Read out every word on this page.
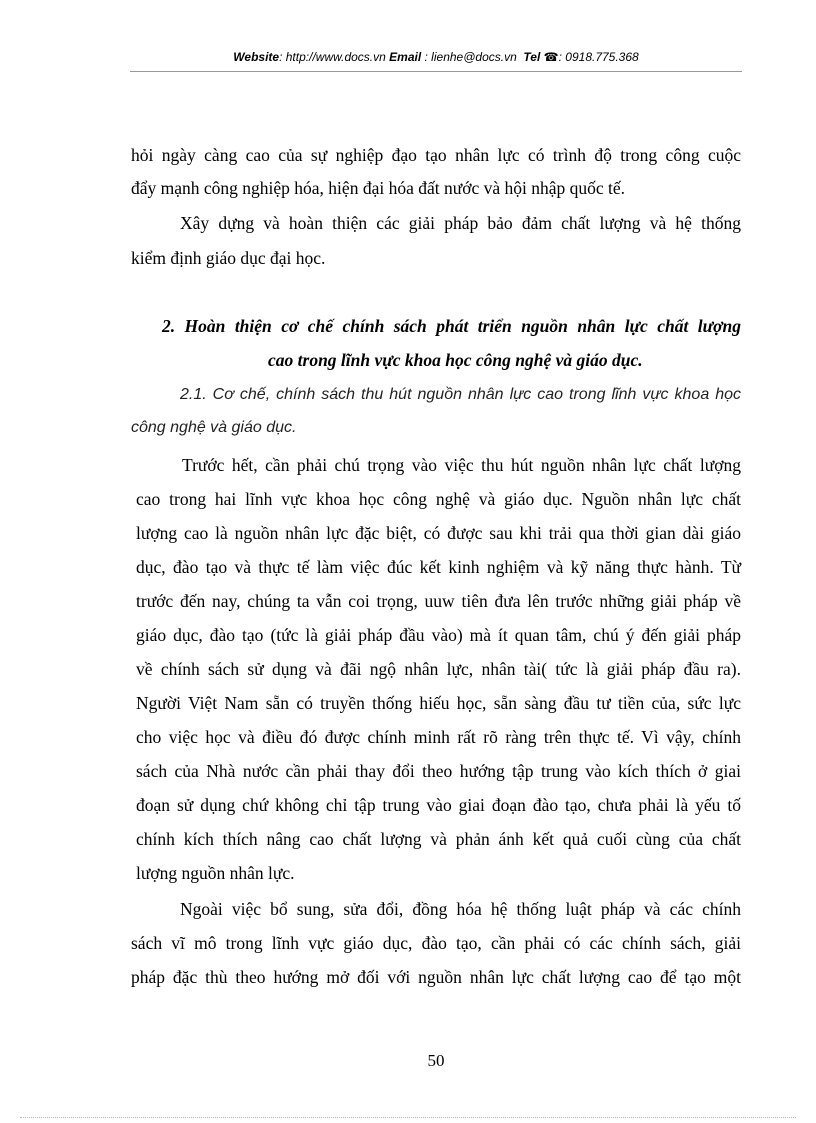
Website: http://www.docs.vn Email : lienhe@docs.vn Tel ☎: 0918.775.368
hỏi ngày càng cao của sự nghiệp đạo tạo nhân lực có trình độ trong công cuộc
đẩy mạnh công nghiệp hóa, hiện đại hóa đất nước và hội nhập quốc tế.
Xây dựng và hoàn thiện các giải pháp bảo đảm chất lượng và hệ thống
kiểm định giáo dục đại học.
2. Hoàn thiện cơ chế chính sách phát triển nguồn nhân lực chất lượng
cao trong lĩnh vực khoa học công nghệ và giáo dục.
2.1. Cơ chế, chính sách thu hút nguồn nhân lực cao trong lĩnh vực khoa học
công nghệ và giáo dục.
Trước hết, cần phải chú trọng vào việc thu hút nguồn nhân lực chất lượng
cao trong hai lĩnh vực khoa học công nghệ và giáo dục. Nguồn nhân lực chất
lượng cao là nguồn nhân lực đặc biệt, có được sau khi trải qua thời gian dài giáo
dục, đào tạo và thực tế làm việc đúc kết kinh nghiệm và kỹ năng thực hành. Từ
trước đến nay, chúng ta vẫn coi trọng, uuw tiên đưa lên trước những giải pháp về
giáo dục, đào tạo (tức là giải pháp đầu vào) mà ít quan tâm, chú ý đến giải pháp
về chính sách sử dụng và đãi ngộ nhân lực, nhân tài( tức là giải pháp đầu ra).
Người Việt Nam sẵn có truyền thống hiếu học, sẵn sàng đầu tư tiền của, sức lực
cho việc học và điều đó được chính minh rất rõ ràng trên thực tế. Vì vậy, chính
sách của Nhà nước cần phải thay đổi theo hướng tập trung vào kích thích ở giai
đoạn sử dụng chứ không chỉ tập trung vào giai đoạn đào tạo, chưa phải là yếu tố
chính kích thích nâng cao chất lượng và phản ánh kết quả cuối cùng của chất
lượng nguồn nhân lực.
Ngoài việc bổ sung, sửa đổi, đồng hóa hệ thống luật pháp và các chính
sách vĩ mô trong lĩnh vực giáo dục, đào tạo, cần phải có các chính sách, giải
pháp đặc thù theo hướng mở đối với nguồn nhân lực chất lượng cao để tạo một
50
